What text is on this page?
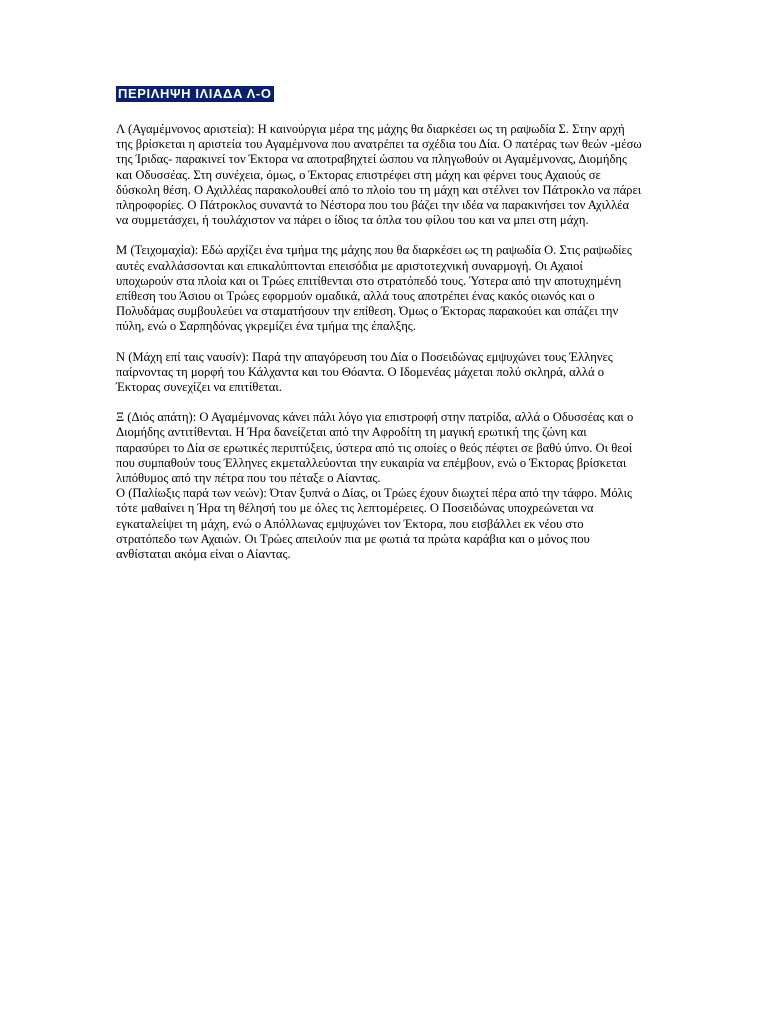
ΠΕΡΙΛΗΨΗ ΙΛΙΑΔΑ Λ-Ο

Λ (Αγαμέμνονος αριστεία): Η καινούργια μέρα της μάχης θα διαρκέσει ως τη ραψωδία Σ. Στην αρχή της βρίσκεται η αριστεία του Αγαμέμνονα που ανατρέπει τα σχέδια του Δία. Ο πατέρας των θεών -μέσω της Ίριδας- παρακινεί τον Έκτορα να αποτραβηχτεί ώσπου να πληγωθούν οι Αγαμέμνονας, Διομήδης και Οδυσσέας. Στη συνέχεια, όμως, ο Έκτορας επιστρέφει στη μάχη και φέρνει τους Αχαιούς σε δύσκολη θέση. Ο Αχιλλέας παρακολουθεί από το πλοίο του τη μάχη και στέλνει τον Πάτροκλο να πάρει πληροφορίες. Ο Πάτροκλος συναντά το Νέστορα που του βάζει την ιδέα να παρακινήσει τον Αχιλλέα να συμμετάσχει, ή τουλάχιστον να πάρει ο ίδιος τα όπλα του φίλου του και να μπει στη μάχη.

Μ (Τειχομαχία): Εδώ αρχίζει ένα τμήμα της μάχης που θα διαρκέσει ως τη ραψωδία Ο. Στις ραψωδίες αυτές εναλλάσσονται και επικαλύπτονται επεισόδια με αριστοτεχνική συναρμογή. Οι Αχαιοί υποχωρούν στα πλοία και οι Τρώες επιτίθενται στο στρατόπεδό τους. Ύστερα από την αποτυχημένη επίθεση του Άσιου οι Τρώες εφορμούν ομαδικά, αλλά τους αποτρέπει ένας κακός οιωνός και ο Πολυδάμας συμβουλεύει να σταματήσουν την επίθεση. Όμως ο Έκτορας παρακούει και σπάζει την πύλη, ενώ ο Σαρπηδόνας γκρεμίζει ένα τμήμα της έπαλξης.

Ν (Μάχη επί ταις ναυσίν): Παρά την απαγόρευση του Δία ο Ποσειδώνας εμψυχώνει τους Έλληνες παίρνοντας τη μορφή του Κάλχαντα και του Θόαντα. Ο Ιδομενέας μάχεται πολύ σκληρά, αλλά ο Έκτορας συνεχίζει να επιτίθεται.

Ξ (Διός απάτη): Ο Αγαμέμνονας κάνει πάλι λόγο για επιστροφή στην πατρίδα, αλλά ο Οδυσσέας και ο Διομήδης αντιτίθενται. Η Ήρα δανείζεται από την Αφροδίτη τη μαγική ερωτική της ζώνη και παρασύρει το Δία σε ερωτικές περιπτύξεις, ύστερα από τις οποίες ο θεός πέφτει σε βαθύ ύπνο. Οι θεοί που συμπαθούν τους Έλληνες εκμεταλλεύονται την ευκαιρία να επέμβουν, ενώ ο Έκτορας βρίσκεται λιπόθυμος από την πέτρα που του πέταξε ο Αίαντας.

Ο (Παλίωξις παρά των νεών): Όταν ξυπνά ο Δίας, οι Τρώες έχουν διωχτεί πέρα από την τάφρο. Μόλις τότε μαθαίνει η Ήρα τη θέλησή του με όλες τις λεπτομέρειες. Ο Ποσειδώνας υποχρεώνεται να εγκαταλείψει τη μάχη, ενώ ο Απόλλωνας εμψυχώνει τον Έκτορα, που εισβάλλει εκ νέου στο στρατόπεδο των Αχαιών. Οι Τρώες απειλούν πια με φωτιά τα πρώτα καράβια και ο μόνος που ανθίσταται ακόμα είναι ο Αίαντας.
